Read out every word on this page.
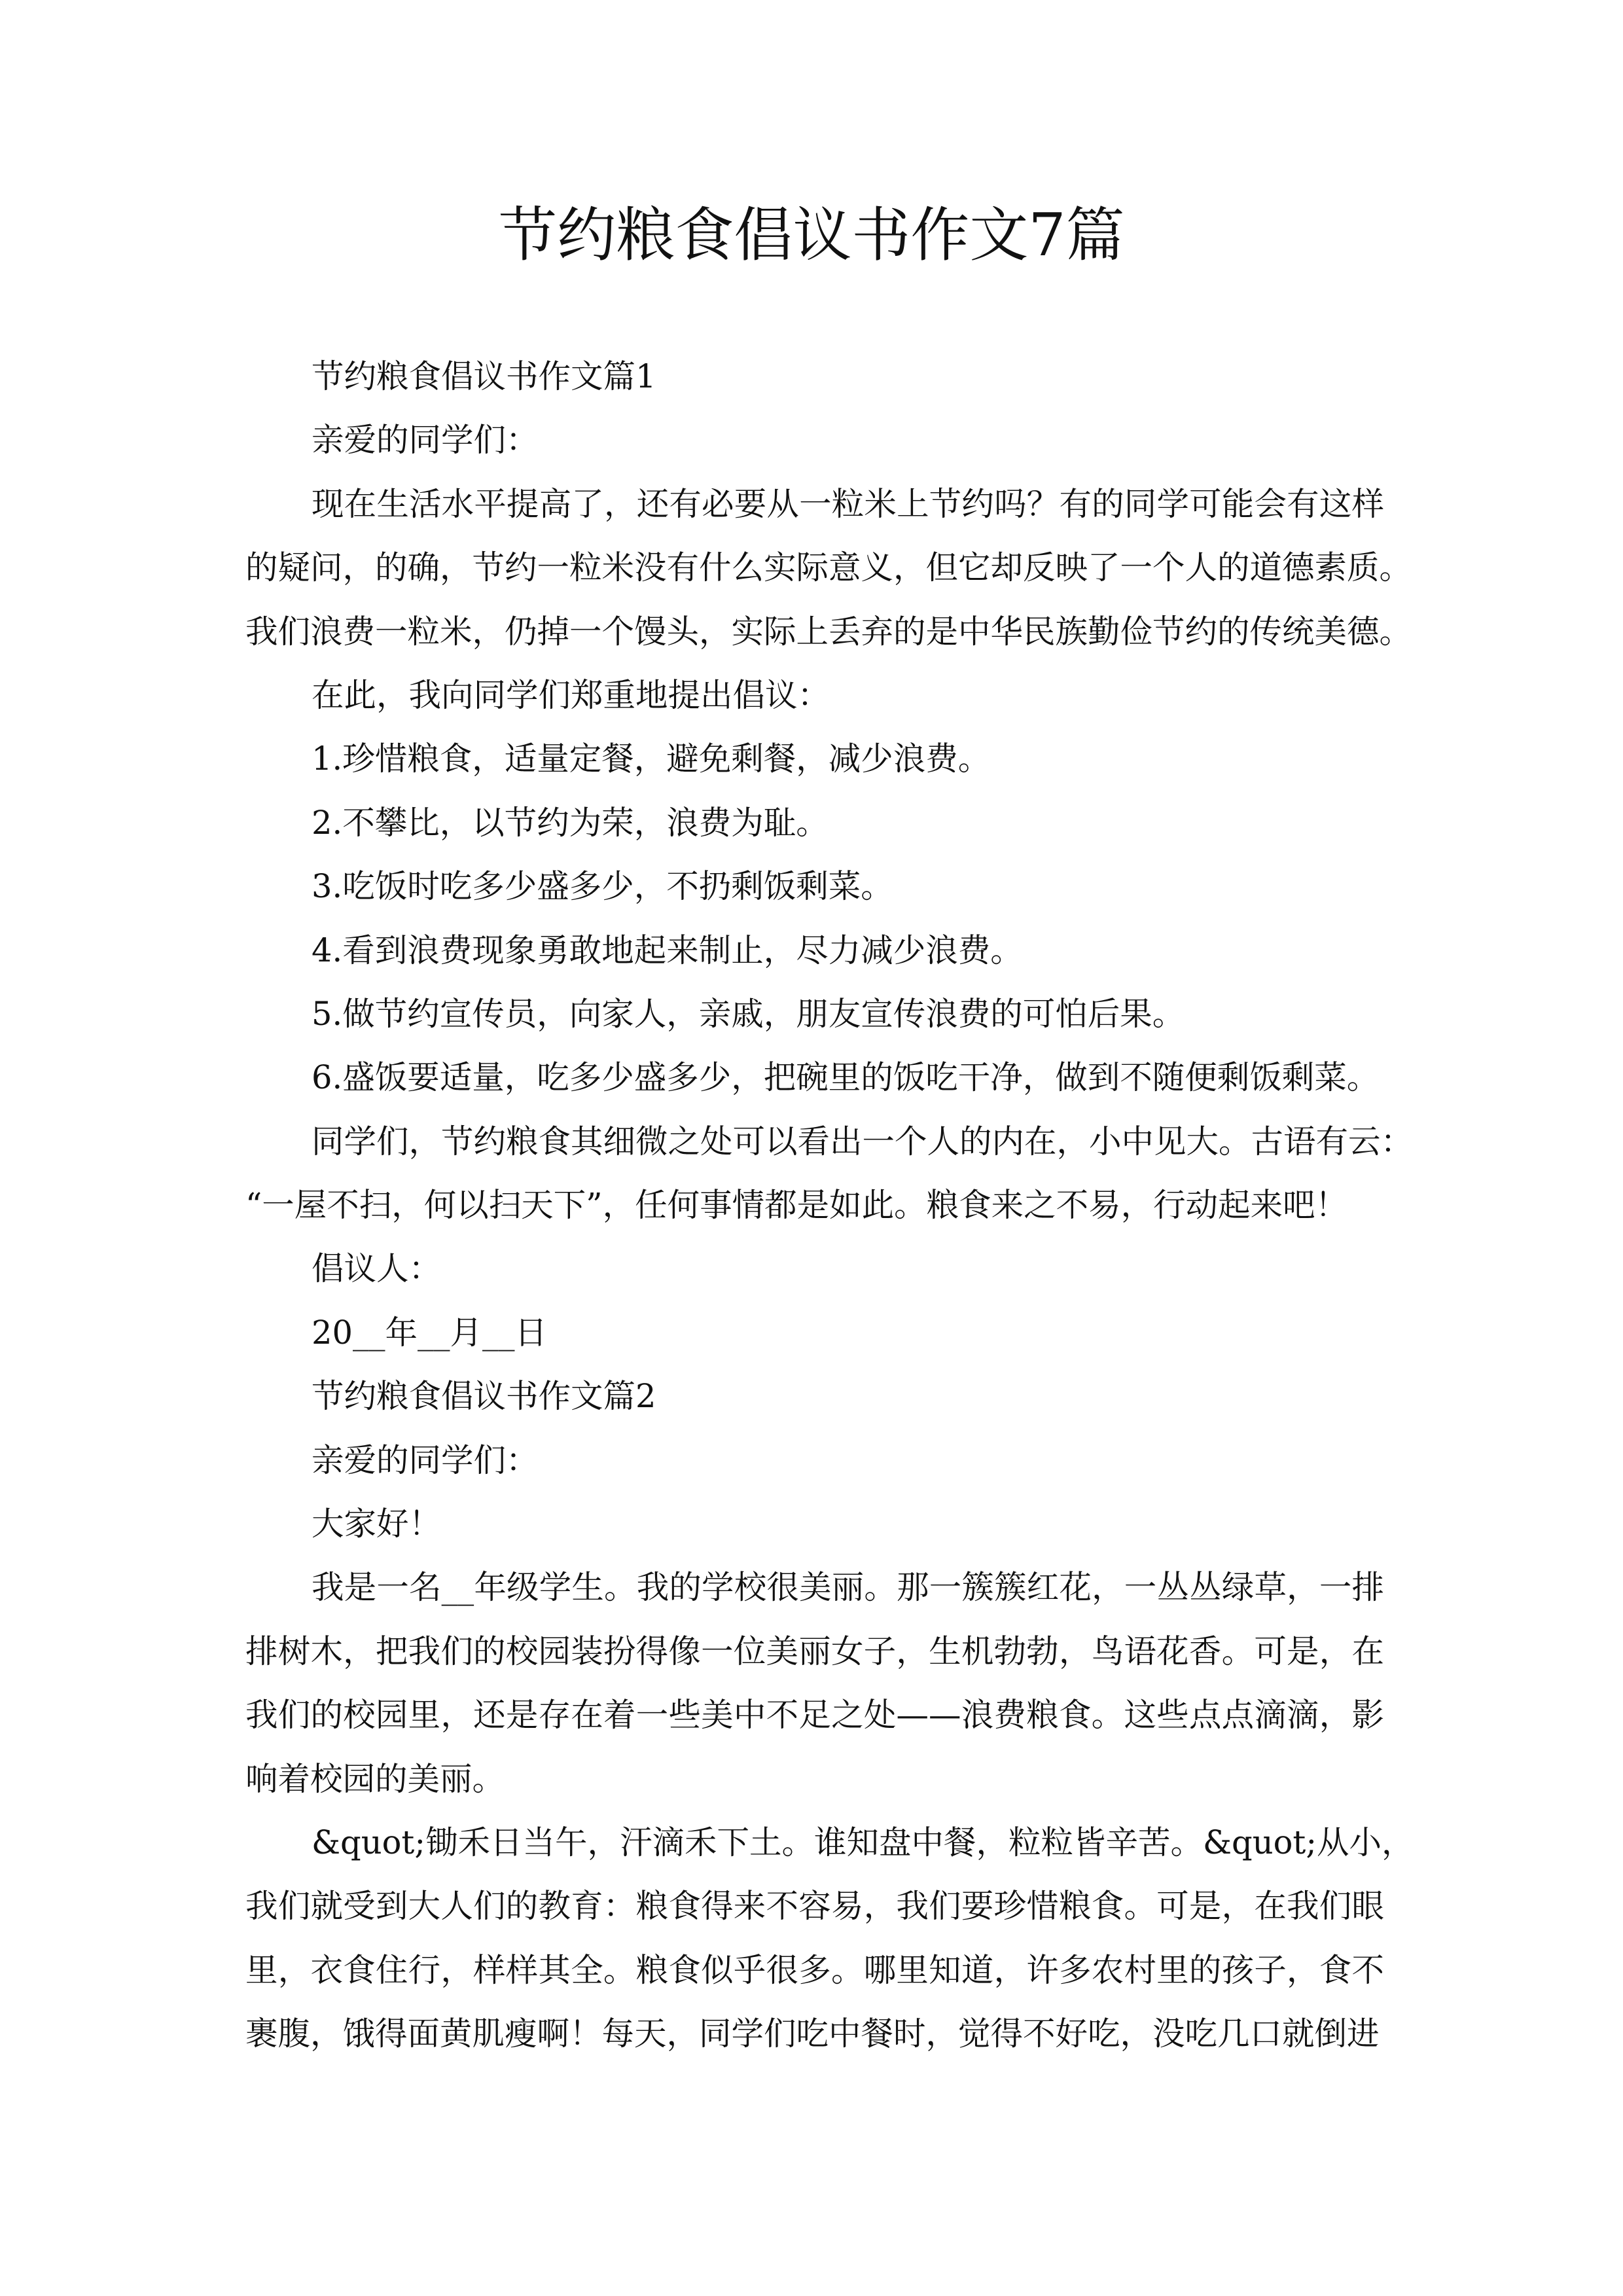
节约粮食倡议书作文7篇
节约粮食倡议书作文篇1
亲爱的同学们：
现在生活水平提高了，还有必要从一粒米上节约吗？有的同学可能会有这样
的疑问，的确，节约一粒米没有什么实际意义，但它却反映了一个人的道德素质。
我们浪费一粒米，仍掉一个馒头，实际上丢弃的是中华民族勤俭节约的传统美德。
在此，我向同学们郑重地提出倡议：
1.珍惜粮食，适量定餐，避免剩餐，减少浪费。
2.不攀比，以节约为荣，浪费为耻。
3.吃饭时吃多少盛多少，不扔剩饭剩菜。
4.看到浪费现象勇敢地起来制止，尽力减少浪费。
5.做节约宣传员，向家人，亲戚，朋友宣传浪费的可怕后果。
6.盛饭要适量，吃多少盛多少，把碗里的饭吃干净，做到不随便剩饭剩菜。
同学们，节约粮食其细微之处可以看出一个人的内在，小中见大。古语有云：
“一屋不扫，何以扫天下”，任何事情都是如此。粮食来之不易，行动起来吧！
倡议人：
20__年__月__日
节约粮食倡议书作文篇2
亲爱的同学们：
大家好！
我是一名__年级学生。我的学校很美丽。那一簇簇红花，一丛丛绿草，一排
排树木，把我们的校园装扮得像一位美丽女子，生机勃勃，鸟语花香。可是，在
我们的校园里，还是存在着一些美中不足之处——浪费粮食。这些点点滴滴，影
响着校园的美丽。
&quot;锄禾日当午，汗滴禾下土。谁知盘中餐，粒粒皆辛苦。&quot;从小，
我们就受到大人们的教育：粮食得来不容易，我们要珍惜粮食。可是，在我们眼
里，衣食住行，样样其全。粮食似乎很多。哪里知道，许多农村里的孩子，食不
裹腹，饿得面黄肌瘦啊！每天，同学们吃中餐时，觉得不好吃，没吃几口就倒进
